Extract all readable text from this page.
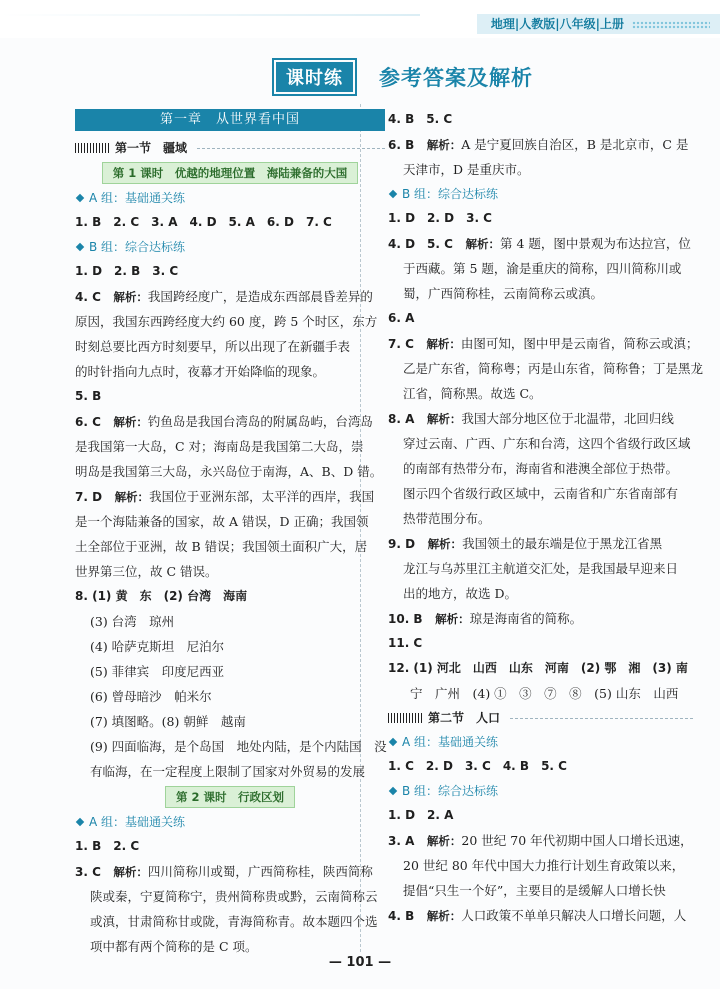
地理|人教版|八年级|上册
课时练	参考答案及解析
第一章　从世界看中国
第一节　疆域
第 1 课时　优越的地理位置　海陆兼备的大国
A 组：基础通关练
1. B　2. C　3. A　4. D　5. A　6. D　7. C
B 组：综合达标练
1. D　2. B　3. C
4. C　 解析：我国跨经度广，是造成东西部晨昏差异的
原因，我国东西跨经度大约 60 度，跨 5 个时区，东方
时刻总要比西方时刻要早，所以出现了在新疆手表
的时针指向九点时，夜幕才开始降临的现象。
5. B
6. C　 解析：钓鱼岛是我国台湾岛的附属岛屿，台湾岛
是我国第一大岛，C 对；海南岛是我国第二大岛，崇
明岛是我国第三大岛，永兴岛位于南海，A、B、D 错。
7. D　 解析：我国位于亚洲东部，太平洋的西岸，我国
是一个海陆兼备的国家，故 A 错误，D 正确；我国领
土全部位于亚洲，故 B 错误；我国领土面积广大，居
世界第三位，故 C 错误。
8. (1) 黄　东　(2) 台湾　海南
(3) 台湾　琼州
(4) 哈萨克斯坦　尼泊尔
(5) 菲律宾　印度尼西亚
(6) 曾母暗沙　帕米尔
(7) 填图略。(8) 朝鲜　越南
(9) 四面临海，是个岛国　地处内陆，是个内陆国　没
有临海，在一定程度上限制了国家对外贸易的发展
第 2 课时　行政区划
A 组：基础通关练
1. B　2. C
3. C　 解析：四川简称川或蜀，广西简称桂，陕西简称
陕或秦，宁夏简称宁，贵州简称贵或黔，云南简称云
或滇，甘肃简称甘或陇，青海简称青。故本题四个选
项中都有两个简称的是 C 项。
4. B　5. C
6. B　 解析：A 是宁夏回族自治区，B 是北京市，C 是
天津市，D 是重庆市。
B 组：综合达标练
1. D　2. D　3. C
4. D　5. C　 解析：第 4 题，图中景观为布达拉宫，位
于西藏。第 5 题，渝是重庆的简称，四川简称川或
蜀，广西简称桂，云南简称云或滇。
6. A
7. C　 解析：由图可知，图中甲是云南省，简称云或滇；
乙是广东省，简称粤；丙是山东省，简称鲁；丁是黑龙
江省，简称黑。故选 C。
8. A　 解析：我国大部分地区位于北温带，北回归线
穿过云南、广西、广东和台湾，这四个省级行政区域
的南部有热带分布，海南省和港澳全部位于热带。
图示四个省级行政区域中，云南省和广东省南部有
热带范围分布。
9. D　 解析：我国领土的最东端是位于黑龙江省黑
龙江与乌苏里江主航道交汇处，是我国最早迎来日
出的地方，故选 D。
10. B　 解析：琼是海南省的简称。
11. C
12. (1) 河北　山西　山东　河南　(2) 鄂　湘　(3) 南
宁　广州　(4) ①　③　⑦　⑧　(5) 山东　山西
第二节　人口
A 组：基础通关练
1. C　2. D　3. C　4. B　5. C
B 组：综合达标练
1. D　2. A
3. A　 解析：20 世纪 70 年代初期中国人口增长迅速，
20 世纪 80 年代中国大力推行计划生育政策以来，
提倡“只生一个好”，主要目的是缓解人口增长快
4. B　 解析：人口政策不单单只解决人口增长问题，人
— 101 —
